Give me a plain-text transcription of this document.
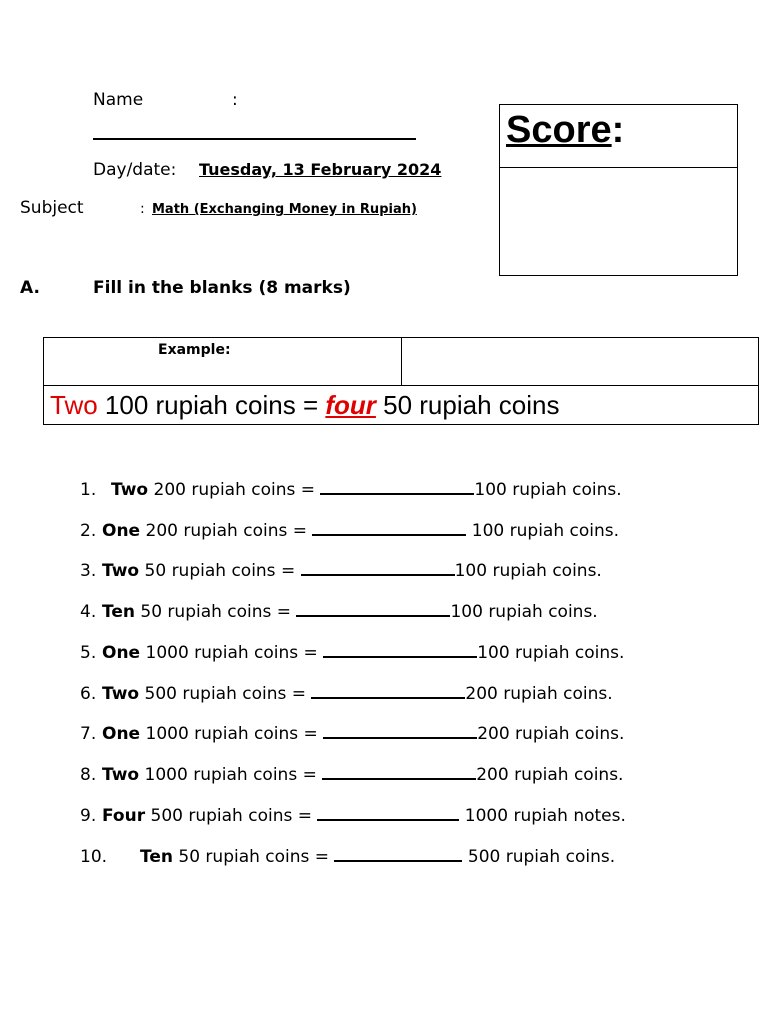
Name	:
Day/date: Tuesday, 13 February 2024
Subject	: Math (Exchanging Money in Rupiah)
Score:
A.	Fill in the blanks (8 marks)
Example:
Two 100 rupiah coins = four 50 rupiah coins
1. Two 200 rupiah coins =	100 rupiah coins.
2. One 200 rupiah coins =	100 rupiah coins.
3. Two 50 rupiah coins =	100 rupiah coins.
4. Ten 50 rupiah coins =	100 rupiah coins.
5. One 1000 rupiah coins =	100 rupiah coins.
6. Two 500 rupiah coins =	200 rupiah coins.
7. One 1000 rupiah coins =	200 rupiah coins.
8. Two 1000 rupiah coins =	200 rupiah coins.
9. Four 500 rupiah coins =	1000 rupiah notes.
10. Ten 50 rupiah coins =	500 rupiah coins.
